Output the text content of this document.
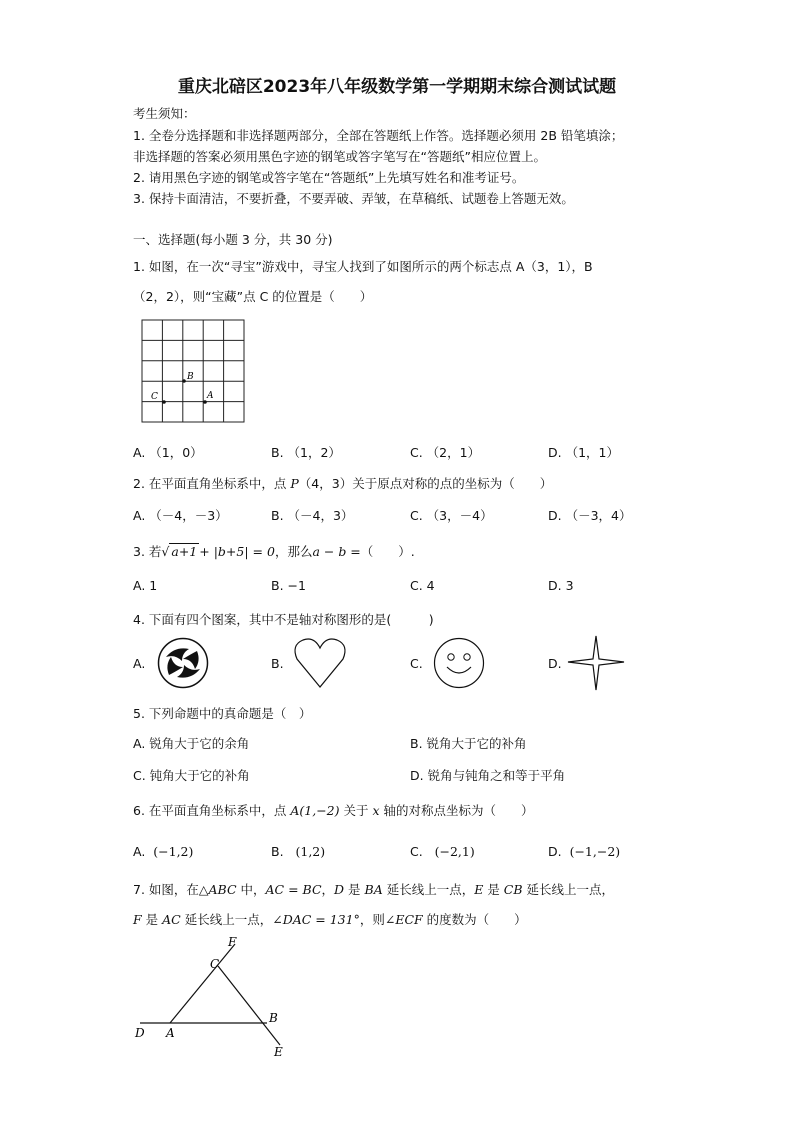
重庆北碚区2023年八年级数学第一学期期末综合测试试题
考生须知：
1. 全卷分选择题和非选择题两部分，全部在答题纸上作答。选择题必须用 2B 铅笔填涂；
非选择题的答案必须用黑色字迹的钢笔或答字笔写在“答题纸”相应位置上。
2. 请用黑色字迹的钢笔或答字笔在“答题纸”上先填写姓名和准考证号。
3. 保持卡面清洁，不要折叠，不要弄破、弄皱，在草稿纸、试题卷上答题无效。
一、选择题(每小题 3 分，共 30 分)
1. 如图，在一次“寻宝”游戏中，寻宝人找到了如图所示的两个标志点 A（3，1），B
（2，2），则“宝藏”点 C 的位置是（　　）
B
A
C
A. （1，0）	B. （1，2）	C. （2，1）	D. （1，1）
2. 在平面直角坐标系中，点 P（4，3）关于原点对称的点的坐标为（　　）
A. （－4，－3）	B. （－4，3）	C. （3，－4）	D. （－3，4）
3. 若√ a+1 + |b+5| = 0，那么a − b =（　　）.
A. 1	B. −1	C. 4	D. 3
4. 下面有四个图案，其中不是轴对称图形的是(　　　)
A.	B.	C.	D.
5. 下列命题中的真命题是（　）
A. 锐角大于它的余角	B. 锐角大于它的补角
C. 钝角大于它的补角	D. 锐角与钝角之和等于平角
6. 在平面直角坐标系中，点 A(1,−2) 关于 x 轴的对称点坐标为（　　）
A. (−1,2)	B. (1,2)	C. (−2,1)	D. (−1,−2)
7. 如图，在△ABC 中，AC = BC，D 是 BA 延长线上一点，E 是 CB 延长线上一点，
F 是 AC 延长线上一点，∠DAC = 131°，则∠ECF 的度数为（　　）
F
C
D A
B
E
